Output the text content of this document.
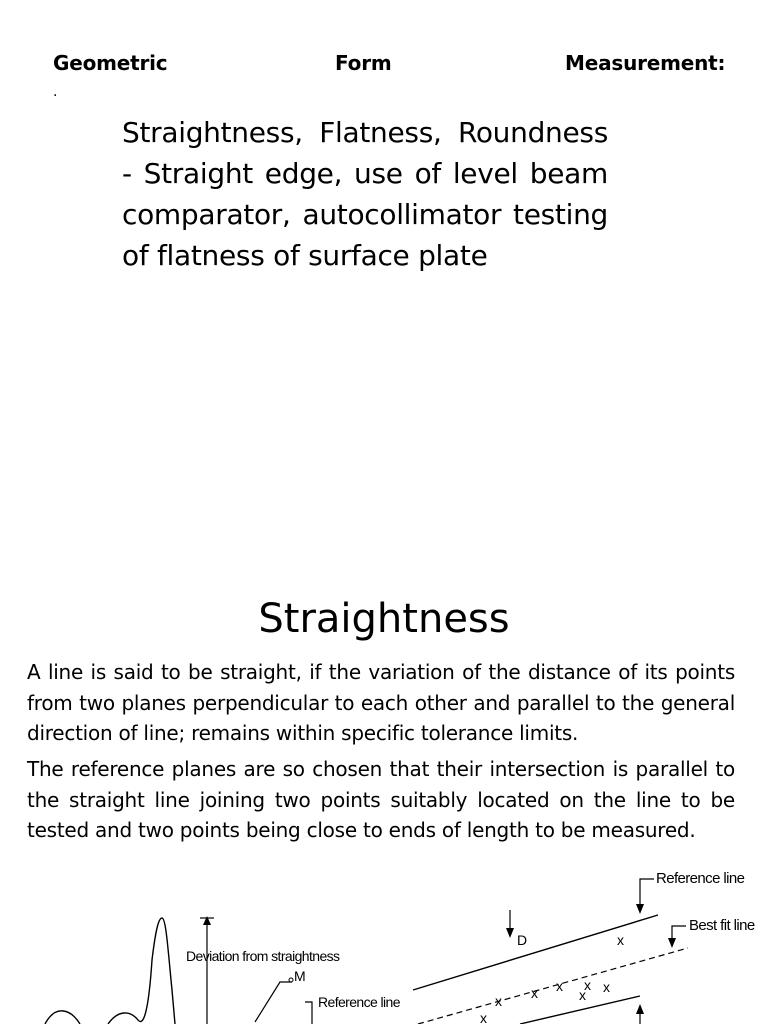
Geometric	Form	Measurement:
.
Straightness, Flatness, Roundness - Straight edge, use of level beam comparator, autocollimator testing of flatness of surface plate
Straightness
A line is said to be straight, if the variation of the distance of its points from two planes perpendicular to each other and parallel to the general direction of line; remains within specific tolerance limits.
The reference planes are so chosen that their intersection is parallel to the straight line joining two points suitably located on the line to be tested and two points being close to ends of length to be measured.
Deviation from straightness
M
Reference line
Reference line
Best fit line
D	x
x x x
x
x x
x
